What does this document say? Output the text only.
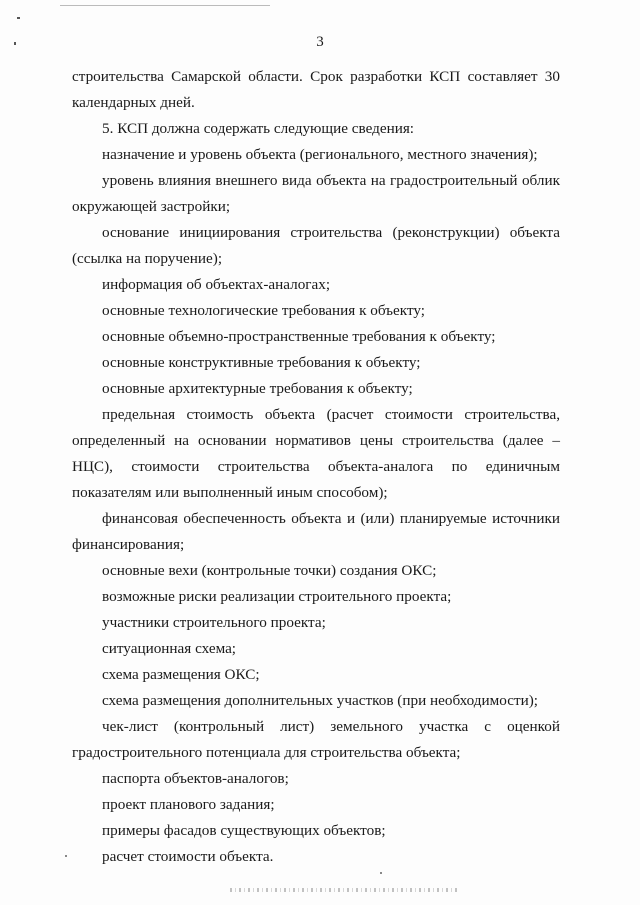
3

строительства Самарской области. Срок разработки КСП составляет 30 календарных дней.

5. КСП должна содержать следующие сведения:

назначение и уровень объекта (регионального, местного значения);

уровень влияния внешнего вида объекта на градостроительный облик окружающей застройки;

основание инициирования строительства (реконструкции) объекта (ссылка на поручение);

информация об объектах-аналогах;

основные технологические требования к объекту;

основные объемно-пространственные требования к объекту;

основные конструктивные требования к объекту;

основные архитектурные требования к объекту;

предельная стоимость объекта (расчет стоимости строительства, определенный на основании нормативов цены строительства (далее – НЦС), стоимости строительства объекта-аналога по единичным показателям или выполненный иным способом);

финансовая обеспеченность объекта и (или) планируемые источники финансирования;

основные вехи (контрольные точки) создания ОКС;

возможные риски реализации строительного проекта;

участники строительного проекта;

ситуационная схема;

схема размещения ОКС;

схема размещения дополнительных участков (при необходимости);

чек-лист (контрольный лист) земельного участка с оценкой градостроительного потенциала для строительства объекта;

паспорта объектов-аналогов;

проект планового задания;

примеры фасадов существующих объектов;

расчет стоимости объекта.
